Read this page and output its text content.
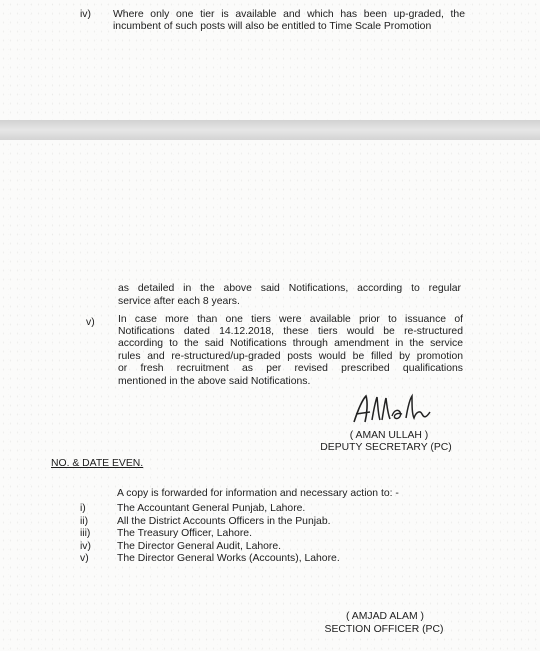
iv) Where only one tier is available and which has been up-graded, the
incumbent of such posts will also be entitled to Time Scale Promotion
as detailed in the above said Notifications, according to regular
service after each 8 years.
v) In case more than one tiers were available prior to issuance of
Notifications dated 14.12.2018, these tiers would be re-structured
according to the said Notifications through amendment in the service
rules and re-structured/up-graded posts would be filled by promotion
or fresh recruitment as per revised prescribed qualifications
mentioned in the above said Notifications.
( AMAN ULLAH )
DEPUTY SECRETARY (PC)
NO. & DATE EVEN.
A copy is forwarded for information and necessary action to: -
i)	The Accountant General Punjab, Lahore.
ii)	All the District Accounts Officers in the Punjab.
iii)	The Treasury Officer, Lahore.
iv)	The Director General Audit, Lahore.
v)	The Director General Works (Accounts), Lahore.
( AMJAD ALAM )
SECTION OFFICER (PC)
